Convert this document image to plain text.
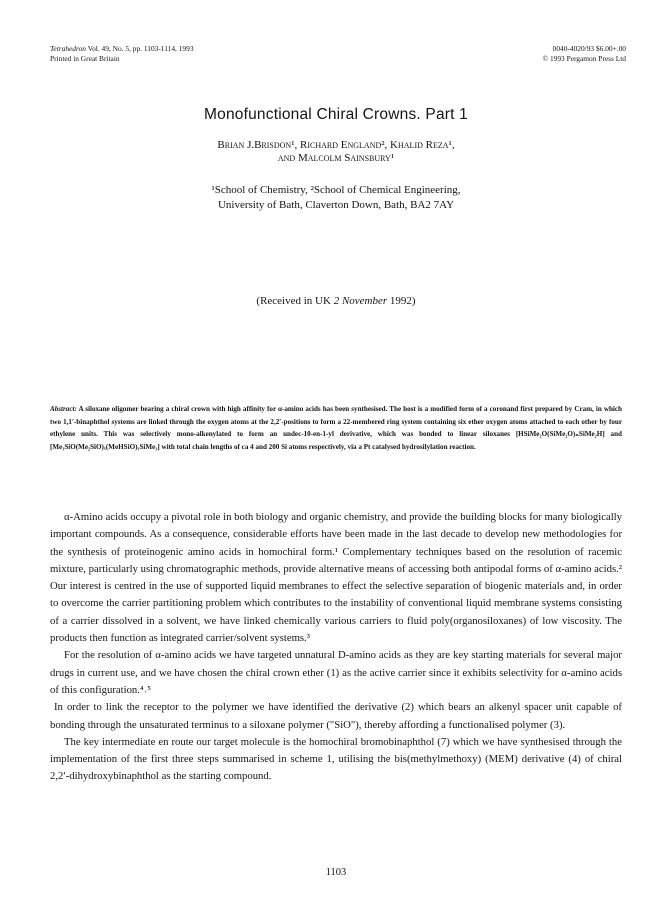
Tetrahedron Vol. 49, No. 5, pp. 1103-1114, 1993
Printed in Great Britain
0040-4020/93 $6.00+.00
© 1993 Pergamon Press Ltd
Monofunctional Chiral Crowns. Part 1
Brian J.Brisdon¹, Richard England², Khalid Reza¹,
and Malcolm Sainsbury¹
¹School of Chemistry, ²School of Chemical Engineering,
University of Bath, Claverton Down, Bath, BA2 7AY
(Received in UK 2 November 1992)
Abstract: A siloxane oligomer bearing a chiral crown with high affinity for α-amino acids has been synthesised. The host is a modified form of a coronand first prepared by Cram, in which two 1,1′-binaphthol systems are linked through the oxygen atoms at the 2,2′-positions to form a 22-membered ring system containing six ether oxygen atoms attached to each other by four ethylene units. This was selectively mono-alkenylated to form an undec-10-en-1-yl derivative, which was bonded to linear siloxanes [HSiMe₂O(SiMe₂O)ₙSiMe₂H] and [Me₃SiO(Me₂SiO)ₓ(MeHSiO)ᵧSiMe₃] with total chain lengths of ca 4 and 200 Si atoms respectively, via a Pt catalysed hydrosilylation reaction.

α-Amino acids occupy a pivotal role in both biology and organic chemistry, and provide the building blocks for many biologically important compounds. As a consequence, considerable efforts have been made in the last decade to develop new methodologies for the synthesis of proteinogenic amino acids in homochiral form.¹ Complementary techniques based on the resolution of racemic mixture, particularly using chromatographic methods, provide alternative means of accessing both antipodal forms of α-amino acids.² Our interest is centred in the use of supported liquid membranes to effect the selective separation of biogenic materials and, in order to overcome the carrier partitioning problem which contributes to the instability of conventional liquid membrane systems consisting of a carrier dissolved in a solvent, we have linked chemically various carriers to fluid poly(organosiloxanes) of low viscosity. The products then function as integrated carrier/solvent systems.³

For the resolution of α-amino acids we have targeted unnatural D-amino acids as they are key starting materials for several major drugs in current use, and we have chosen the chiral crown ether (1) as the active carrier since it exhibits selectivity for α-amino acids of this configuration.⁴˒⁵

In order to link the receptor to the polymer we have identified the derivative (2) which bears an alkenyl spacer unit capable of bonding through the unsaturated terminus to a siloxane polymer ("SiO"), thereby affording a functionalised polymer (3).

The key intermediate en route our target molecule is the homochiral bromobinaphthol (7) which we have synthesised through the implementation of the first three steps summarised in scheme 1, utilising the bis(methylmethoxy) (MEM) derivative (4) of chiral 2,2′-dihydroxybinaphthol as the starting compound.

1103
